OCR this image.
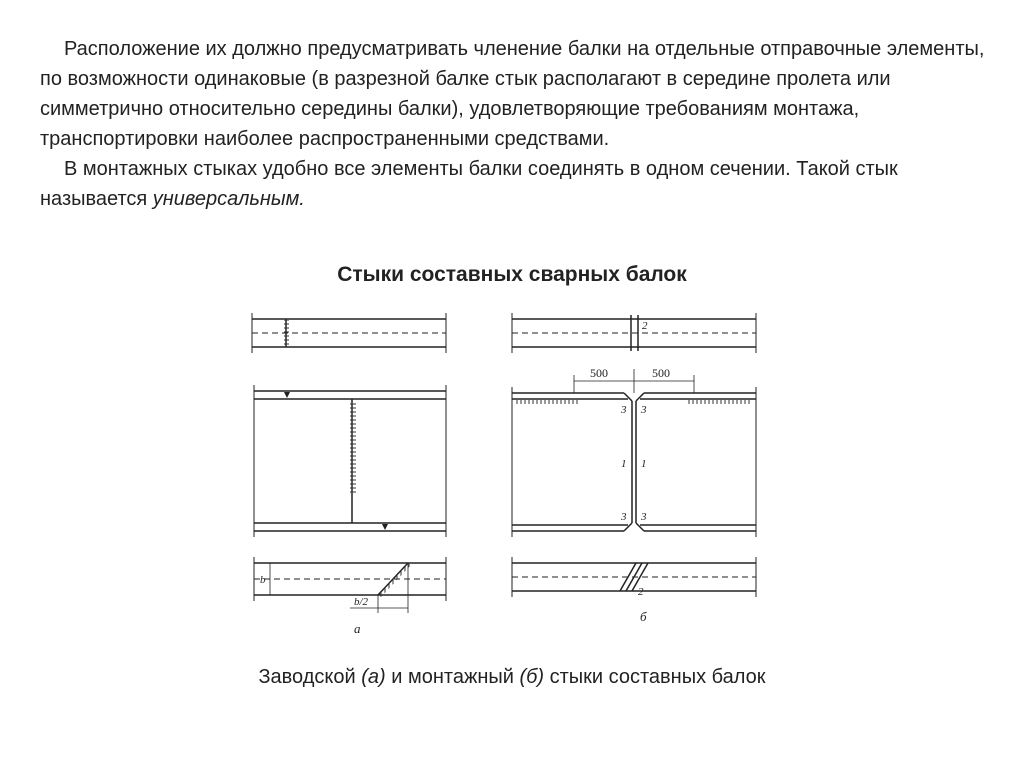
Расположение их должно предусматривать членение балки на отдельные отправочные элементы, по возможности одинаковые (в разрезной балке стык располагают в середине пролета или симметрично относительно середины балки), удовлетворяющие требованиям монтажа, транспортировки наиболее распространенными средствами.

В монтажных стыках удобно все элементы балки соединять в одном сечении. Такой стык называется универсальным.

Стыки составных сварных балок
b
b/2
а
2
500	500
3 3
1 1
3 3
2
б
Заводской (а) и монтажный (б) стыки составных балок
